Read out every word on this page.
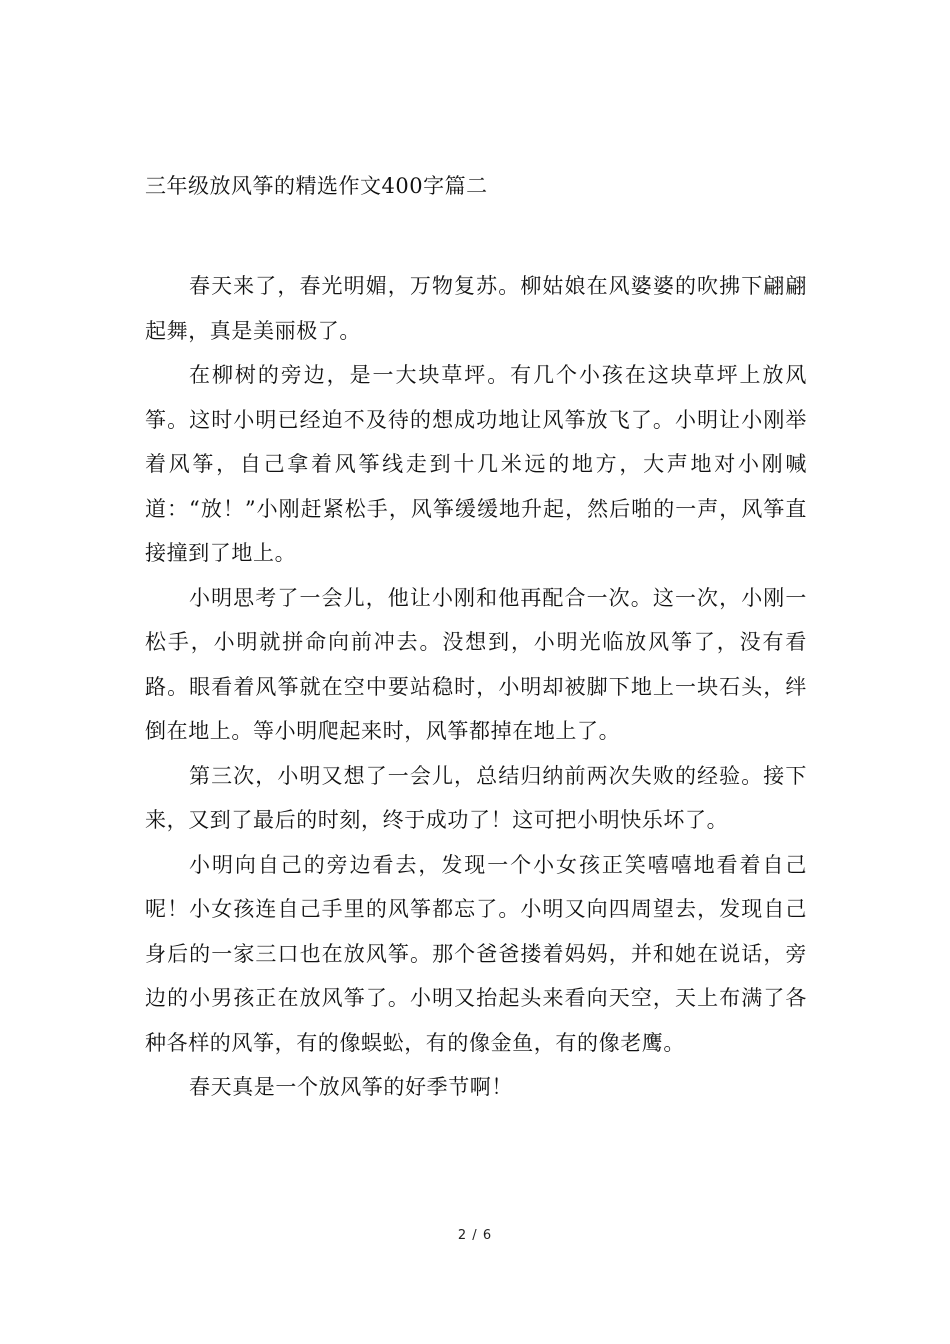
三年级放风筝的精选作文400字篇二

春天来了，春光明媚，万物复苏。柳姑娘在风婆婆的吹拂下翩翩起舞，真是美丽极了。

在柳树的旁边，是一大块草坪。有几个小孩在这块草坪上放风筝。这时小明已经迫不及待的想成功地让风筝放飞了。小明让小刚举着风筝，自己拿着风筝线走到十几米远的地方，大声地对小刚喊道：“放！”小刚赶紧松手，风筝缓缓地升起，然后啪的一声，风筝直接撞到了地上。

小明思考了一会儿，他让小刚和他再配合一次。这一次，小刚一松手，小明就拼命向前冲去。没想到，小明光临放风筝了，没有看路。眼看着风筝就在空中要站稳时，小明却被脚下地上一块石头，绊倒在地上。等小明爬起来时，风筝都掉在地上了。

第三次，小明又想了一会儿，总结归纳前两次失败的经验。接下来，又到了最后的时刻，终于成功了！这可把小明快乐坏了。

小明向自己的旁边看去，发现一个小女孩正笑嘻嘻地看着自己呢！小女孩连自己手里的风筝都忘了。小明又向四周望去，发现自己身后的一家三口也在放风筝。那个爸爸搂着妈妈，并和她在说话，旁边的小男孩正在放风筝了。小明又抬起头来看向天空，天上布满了各种各样的风筝，有的像蜈蚣，有的像金鱼，有的像老鹰。

春天真是一个放风筝的好季节啊！

2 / 6
